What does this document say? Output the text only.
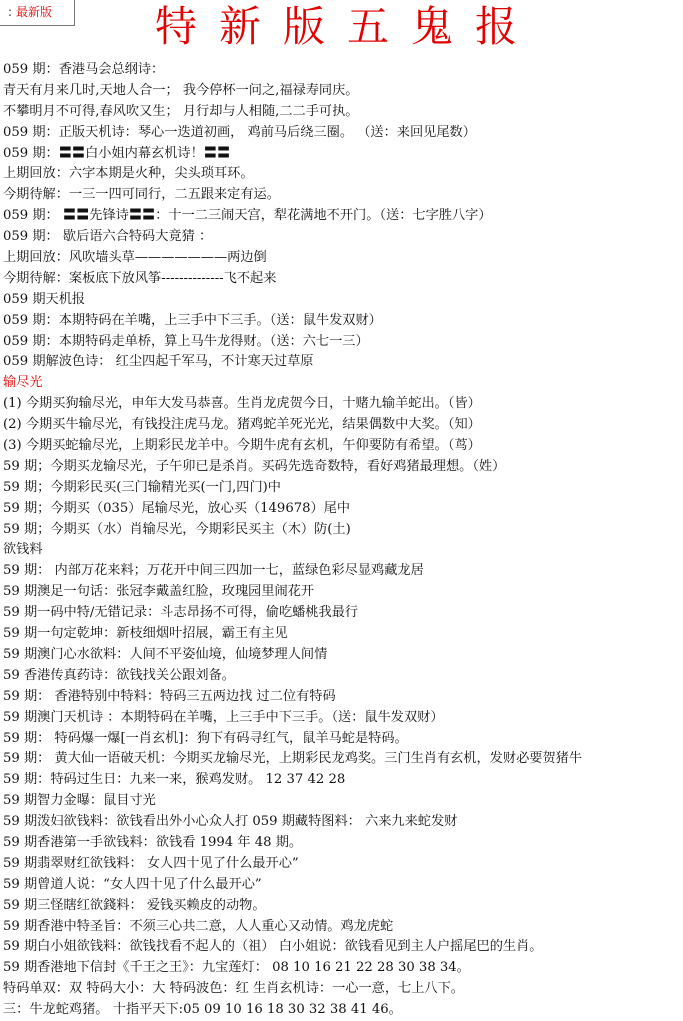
: 最新版	特新版五鬼报
059 期：香港马会总纲诗：
青天有月来几时,天地人合一； 我今停杯一问之,福禄寿同庆。
不攀明月不可得,春风吹又生； 月行却与人相随,二二手可执。
059 期：正版天机诗：琴心一迭道初画， 鸡前马后绕三圈。 （送：来回见尾数）
059 期：〓〓白小姐内幕玄机诗！〓〓
上期回放：六字本期是火种，尖头琐耳环。
今期待解：一三一四可同行，二五跟来定有运。
059 期： 〓〓先锋诗〓〓：十一二三闹天宫，犁花满地不开门。（送：七字胜八字）
059 期： 歇后语六合特码大竟猜 ：
上期回放：风吹墙头草———————两边倒
今期待解：案板底下放风筝--------------飞不起来
059 期天机报
059 期：本期特码在羊嘴，上三手中下三手。（送：鼠牛发双财）
059 期：本期特码走单桥，算上马牛龙得财。（送：六七一三）
059 期解波色诗： 红尘四起千军马，不计寒天过草原
输尽光
(1) 今期买狗输尽光，申年大发马恭喜。生肖龙虎贺今日，十赌九输羊蛇出。（皆）
(2) 今期买牛输尽光，有钱投注虎马龙。猪鸡蛇羊死光光，结果偶数中大奖。（知）
(3) 今期买蛇输尽光，上期彩民龙羊中。今期牛虎有玄机，午仰要防有希望。（茑）
59 期；今期买龙输尽光，子午卯已是杀肖。买码先选奇数特，看好鸡猪最理想。（姓）
59 期；今期彩民买(三门输精光买(一门,四门)中
59 期；今期买（035）尾输尽光，放心买（149678）尾中
59 期；今期买（水）肖输尽光，今期彩民买主（木）防(土)
欲钱料
59 期： 内部万花来料；万花开中间三四加一七，蓝绿色彩尽显鸡藏龙居
59 期澳足一句话：张冠李戴盖红脸，玫瑰园里闹花开
59 期一码中特/无错记录：斗志昂扬不可得，偷吃蟠桃我最行
59 期一句定乾坤：新枝细烟叶招展，霸王有主见
59 期澳门心水欲料：人间不平姿仙境，仙境梦理人间情
59 香港传真药诗：欲钱找关公跟刘备。
59 期： 香港特别中特料：特码三五两边找 过二位有特码
59 期澳门天机诗 ：本期特码在羊嘴，上三手中下三手。（送：鼠牛发双财）
59 期： 特码爆一爆[一肖玄机]：狗下有码寻红气，鼠羊马蛇是特码。
59 期： 黄大仙一语破天机：今期买龙输尽光，上期彩民龙鸡奖。三门生肖有玄机，发财必要贺猪牛
59 期：特码过生日：九来一来，猴鸡发财。 12 37 42 28
59 期智力金曝：鼠目寸光
59 期泼妇欲钱料：欲钱看出外小心众人打 059 期藏特图料： 六来九来蛇发财
59 期香港第一手欲钱料：欲钱看 1994 年 48 期。
59 期翡翠财红欲钱料： 女人四十见了什么最开心”
59 期曾道人说：“女人四十见了什么最开心”
59 期三怪瞎红欲錢料： 爱钱买赖皮的动物。
59 期香港中特圣旨：不须三心共二意，人人重心又动情。鸡龙虎蛇
59 期白小姐欲钱料：欲钱找看不起人的（祖） 白小姐说：欲钱看见到主人户摇尾巴的生肖。
59 期香港地下信封《千王之王》：九宝莲灯： 08 10 16 21 22 28 30 38 34。
特码单双：双 特码大小：大 特码波色：红 生肖玄机诗：一心一意，七上八下。
三：牛龙蛇鸡猪。 十指平天下:05 09 10 16 18 30 32 38 41 46。
